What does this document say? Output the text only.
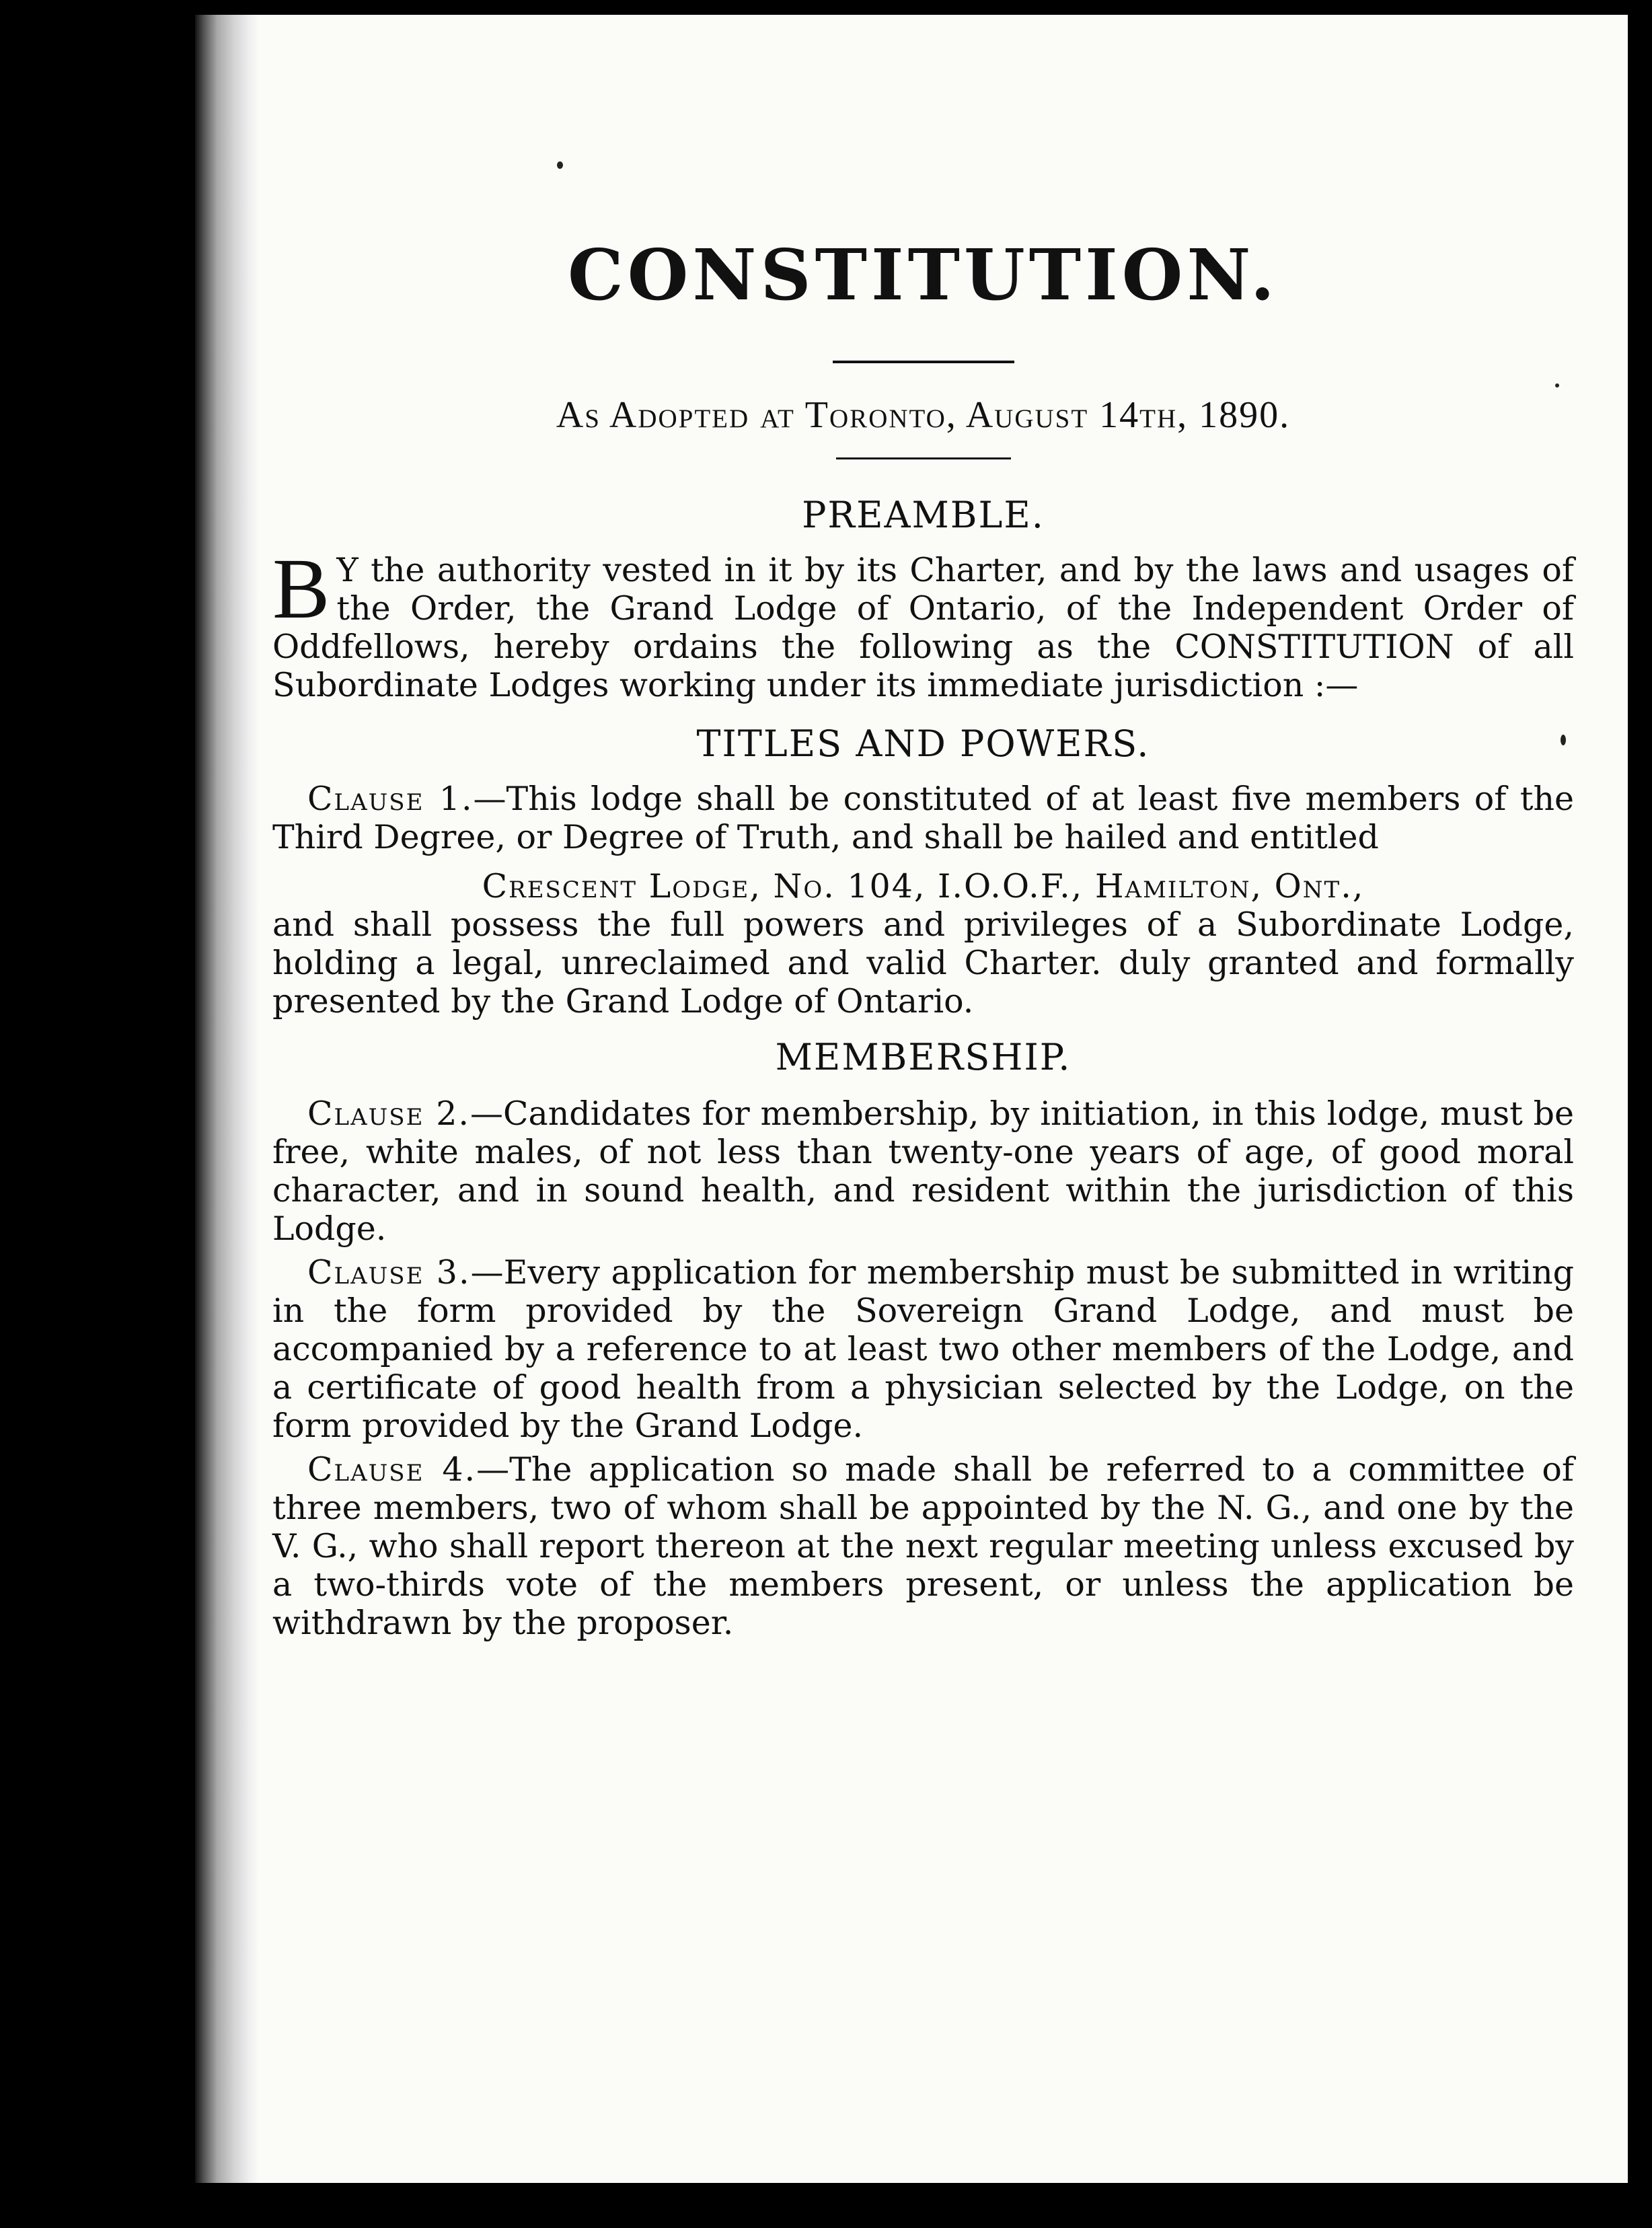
CONSTITUTION.
As Adopted at Toronto, August 14th, 1890.
PREAMBLE.

B Y the authority vested in it by its Charter, and by the laws and usages of the Order, the Grand Lodge of Ontario, of the Independent Order of Oddfellows, hereby ordains the following as the CONSTITUTION of all Subordinate Lodges working under its immediate jurisdiction :—

TITLES AND POWERS.

Clause 1.—This lodge shall be constituted of at least five members of the Third Degree, or Degree of Truth, and shall be hailed and entitled

Crescent Lodge, No. 104, I.O.O.F., Hamilton, Ont.,

and shall possess the full powers and privileges of a Subordinate Lodge, holding a legal, unreclaimed and valid Charter. duly granted and formally presented by the Grand Lodge of Ontario.

MEMBERSHIP.

Clause 2.—Candidates for membership, by initiation, in this lodge, must be free, white males, of not less than twenty-one years of age, of good moral character, and in sound health, and resident within the jurisdiction of this Lodge.

Clause 3.—Every application for membership must be submitted in writing in the form provided by the Sovereign Grand Lodge, and must be accompanied by a reference to at least two other members of the Lodge, and a certificate of good health from a physician selected by the Lodge, on the form provided by the Grand Lodge.

Clause 4.—The application so made shall be referred to a committee of three members, two of whom shall be appointed by the N. G., and one by the V. G., who shall report thereon at the next regular meeting unless excused by a two-thirds vote of the members present, or unless the application be withdrawn by the proposer.
